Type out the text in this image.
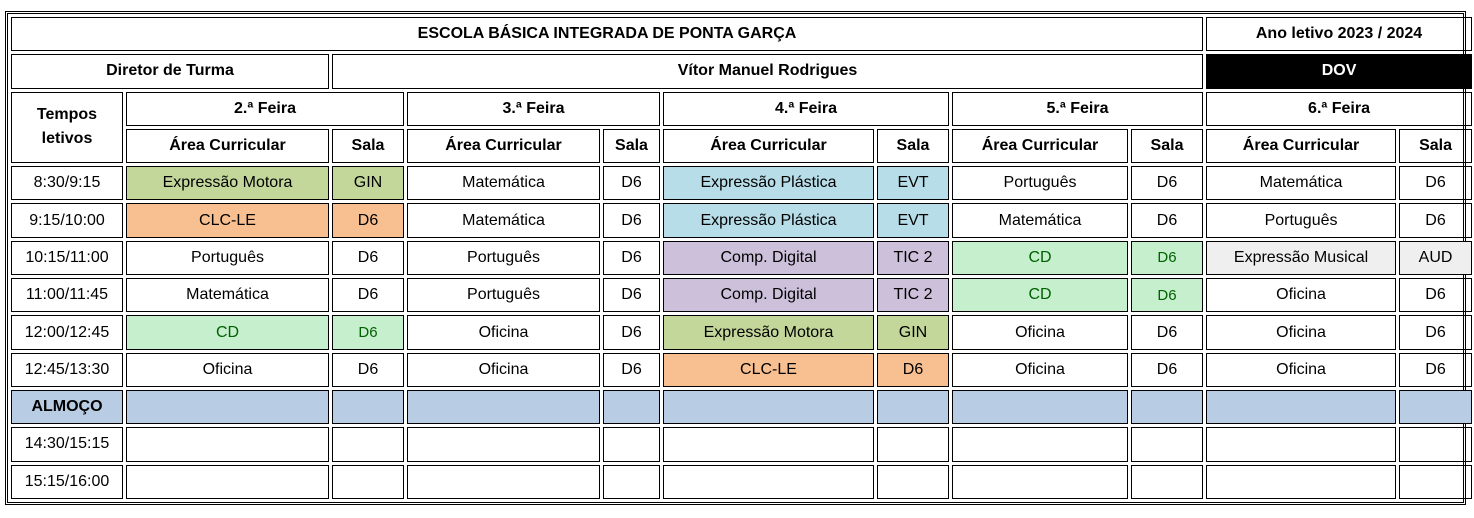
ESCOLA BÁSICA INTEGRADA DE PONTA GARÇA									Ano letivo 2023 / 2024	
Diretor de Turma		Vítor Manuel Rodrigues							DOV	
Tempos letivos	2.ª Feira		3.ª Feira		4.ª Feira		5.ª Feira		6.ª Feira	
	Área Curricular	Sala	Área Curricular	Sala	Área Curricular	Sala	Área Curricular	Sala	Área Curricular	Sala
8:30/9:15	Expressão Motora	GIN	Matemática	D6	Expressão Plástica	EVT	Português	D6	Matemática	D6
9:15/10:00	CLC-LE	D6	Matemática	D6	Expressão Plástica	EVT	Matemática	D6	Português	D6
10:15/11:00	Português	D6	Português	D6	Comp. Digital	TIC 2	CD	D6	Expressão Musical	AUD
11:00/11:45	Matemática	D6	Português	D6	Comp. Digital	TIC 2	CD	D6	Oficina	D6
12:00/12:45	CD	D6	Oficina	D6	Expressão Motora	GIN	Oficina	D6	Oficina	D6
12:45/13:30	Oficina	D6	Oficina	D6	CLC-LE	D6	Oficina	D6	Oficina	D6
ALMOÇO										
14:30/15:15										
15:15/16:00										
